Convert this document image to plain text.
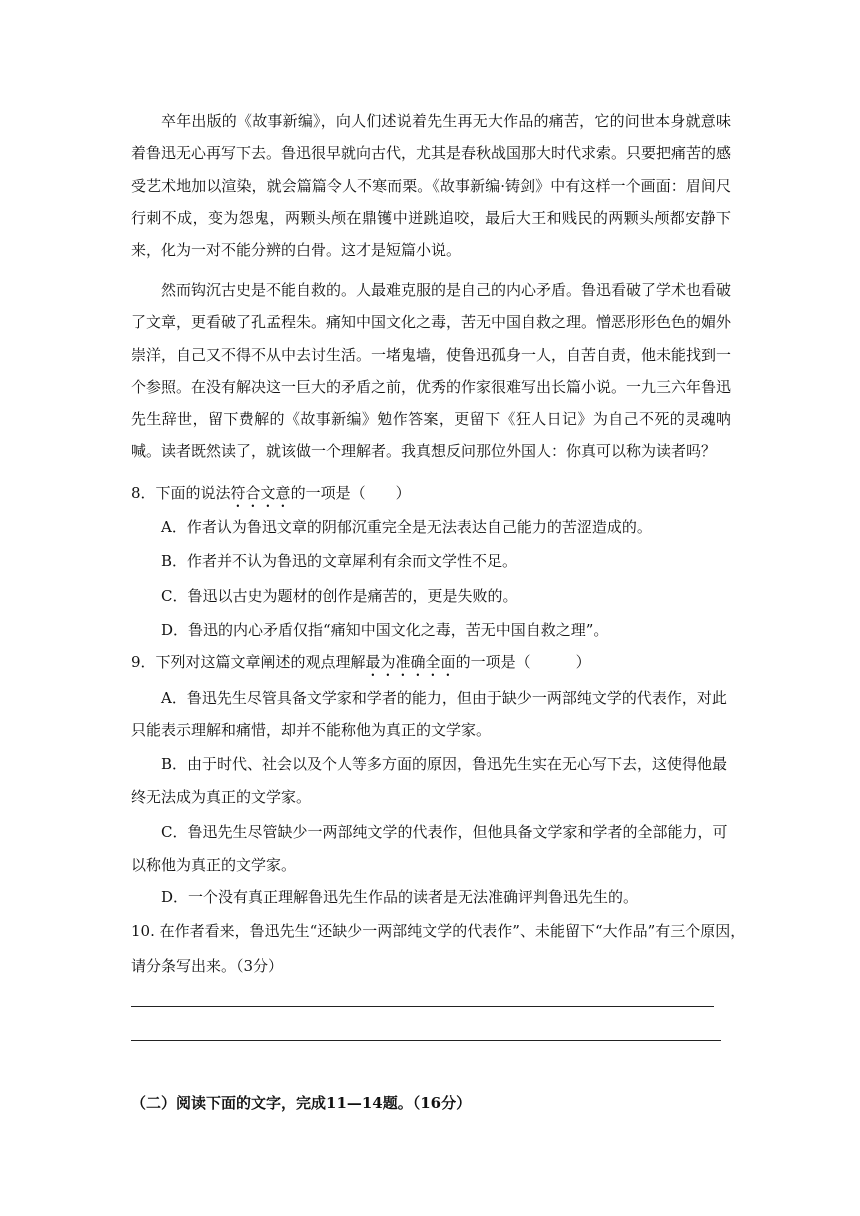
卒年出版的《故事新编》，向人们述说着先生再无大作品的痛苦，它的问世本身就意味着鲁迅无心再写下去。鲁迅很早就向古代，尤其是春秋战国那大时代求索。只要把痛苦的感受艺术地加以渲染，就会篇篇令人不寒而栗。《故事新编·铸剑》中有这样一个画面：眉间尺行刺不成，变为怨鬼，两颗头颅在鼎镬中迸跳追咬，最后大王和贱民的两颗头颅都安静下来，化为一对不能分辨的白骨。这才是短篇小说。
然而钩沉古史是不能自救的。人最难克服的是自己的内心矛盾。鲁迅看破了学术也看破了文章，更看破了孔孟程朱。痛知中国文化之毒，苦无中国自救之理。憎恶形形色色的媚外崇洋，自己又不得不从中去讨生活。一堵鬼墙，使鲁迅孤身一人，自苦自责，他未能找到一个参照。在没有解决这一巨大的矛盾之前，优秀的作家很难写出长篇小说。一九三六年鲁迅先生辞世，留下费解的《故事新编》勉作答案，更留下《狂人日记》为自己不死的灵魂呐喊。读者既然读了，就该做一个理解者。我真想反问那位外国人：你真可以称为读者吗？
8．下面的说法符合文意的一项是（　　）
A．作者认为鲁迅文章的阴郁沉重完全是无法表达自己能力的苦涩造成的。
B．作者并不认为鲁迅的文章犀利有余而文学性不足。
C．鲁迅以古史为题材的创作是痛苦的，更是失败的。
D．鲁迅的内心矛盾仅指“痛知中国文化之毒，苦无中国自救之理”。
9．下列对这篇文章阐述的观点理解最为准确全面的一项是（　　　）
A．鲁迅先生尽管具备文学家和学者的能力，但由于缺少一两部纯文学的代表作，对此
只能表示理解和痛惜，却并不能称他为真正的文学家。
B．由于时代、社会以及个人等多方面的原因，鲁迅先生实在无心写下去，这使得他最
终无法成为真正的文学家。
C．鲁迅先生尽管缺少一两部纯文学的代表作，但他具备文学家和学者的全部能力，可
以称他为真正的文学家。
D．一个没有真正理解鲁迅先生作品的读者是无法准确评判鲁迅先生的。
10. 在作者看来，鲁迅先生“还缺少一两部纯文学的代表作”、未能留下“大作品”有三个原因，
请分条写出来。（3分）
（二）阅读下面的文字，完成11—14题。（16分）
